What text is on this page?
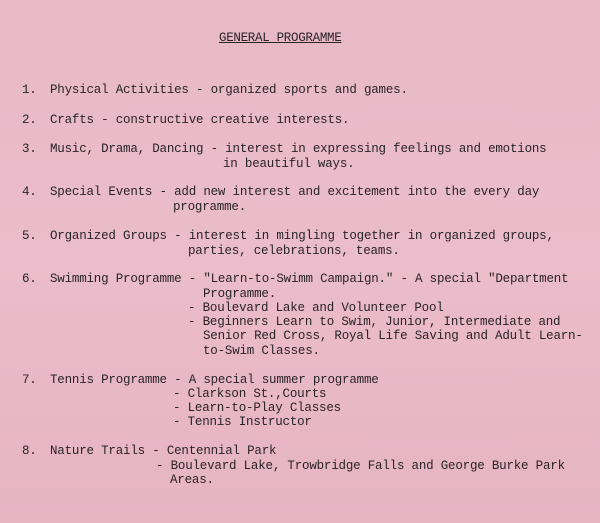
GENERAL PROGRAMME
1. Physical Activities - organized sports and games.
2. Crafts - constructive creative interests.
3. Music, Drama, Dancing - interest in expressing feelings and emotions
in beautiful ways.
4. Special Events - add new interest and excitement into the every day
programme.
5. Organized Groups - interest in mingling together in organized groups,
parties, celebrations, teams.
6. Swimming Programme - "Learn-to-Swimm Campaign." - A special "Department
Programme.
- Boulevard Lake and Volunteer Pool
- Beginners Learn to Swim, Junior, Intermediate and
Senior Red Cross, Royal Life Saving and Adult Learn-
to-Swim Classes.
7. Tennis Programme - A special summer programme
- Clarkson St.,Courts
- Learn-to-Play Classes
- Tennis Instructor
8. Nature Trails - Centennial Park
- Boulevard Lake, Trowbridge Falls and George Burke Park
Areas.
